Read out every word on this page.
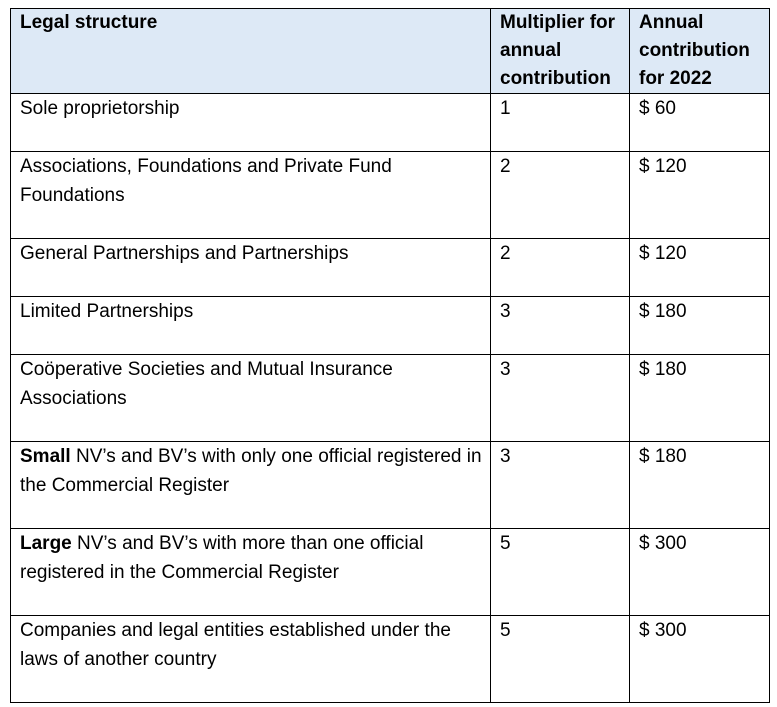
Legal structure	Multiplier for annual contribution	Annual contribution for 2022
Sole proprietorship	1	$ 60
Associations, Foundations and Private Fund Foundations	2	$ 120
General Partnerships and Partnerships	2	$ 120
Limited Partnerships	3	$ 180
Coöperative Societies and Mutual Insurance Associations	3	$ 180
Small NV’s and BV’s with only one official registered in the Commercial Register	3	$ 180
Large NV’s and BV’s with more than one official registered in the Commercial Register	5	$ 300
Companies and legal entities established under the laws of another country	5	$ 300
